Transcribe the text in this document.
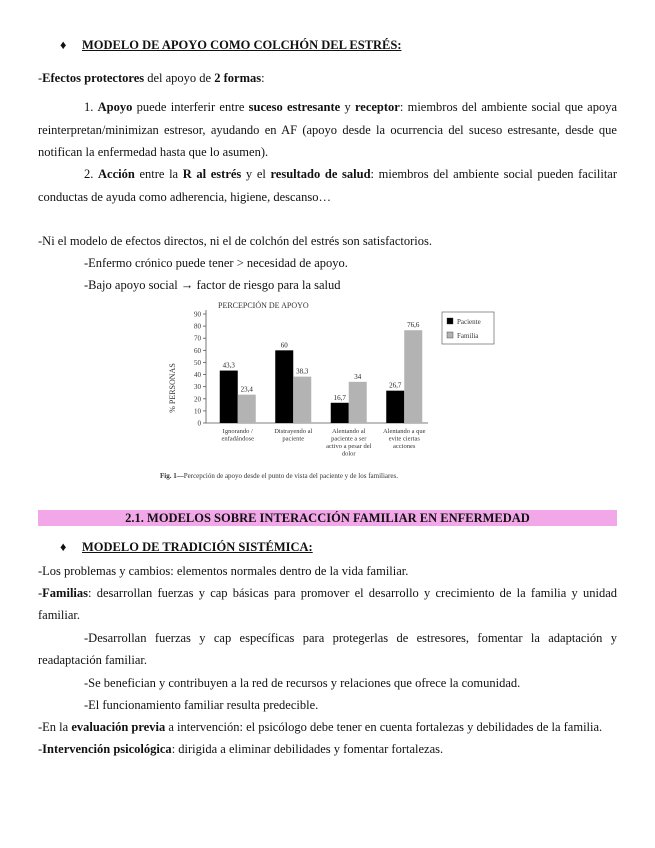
♦ MODELO DE APOYO COMO COLCHÓN DEL ESTRÉS:
-Efectos protectores del apoyo de 2 formas:
1. Apoyo puede interferir entre suceso estresante y receptor: miembros del ambiente social que apoya
reinterpretan/minimizan estresor, ayudando en AF (apoyo desde la ocurrencia del suceso estresante, desde que
notifican la enfermedad hasta que lo asumen).
2. Acción entre la R al estrés y el resultado de salud: miembros del ambiente social pueden facilitar
conductas de ayuda como adherencia, higiene, descanso…
-Ni el modelo de efectos directos, ni el de colchón del estrés son satisfactorios.
-Enfermo crónico puede tener > necesidad de apoyo.
-Bajo apoyo social → factor de riesgo para la salud
PERCEPCIÓN DE APOYO
% PERSONAS
0
10
20
30
40
50
60
70
80
90
43,3
23,4
60
38,3
16,7
34
26,7
76,6
Ignorando /
enfadándose
Distrayendo al
paciente
Alentando al
paciente a ser
activo a pesar del
dolor
Alentando a que
evite ciertas
acciones
Paciente
Familia
Fig. 1—Percepción de apoyo desde el punto de vista del paciente y de los familiares.
2.1. MODELOS SOBRE INTERACCIÓN FAMILIAR EN ENFERMEDAD
♦ MODELO DE TRADICIÓN SISTÉMICA:
-Los problemas y cambios: elementos normales dentro de la vida familiar.
-Familias: desarrollan fuerzas y cap básicas para promover el desarrollo y crecimiento de la familia y unidad
familiar.
-Desarrollan fuerzas y cap específicas para protegerlas de estresores, fomentar la adaptación y
readaptación familiar.
-Se benefician y contribuyen a la red de recursos y relaciones que ofrece la comunidad.
-El funcionamiento familiar resulta predecible.
-En la evaluación previa a intervención: el psicólogo debe tener en cuenta fortalezas y debilidades de la familia.
-Intervención psicológica: dirigida a eliminar debilidades y fomentar fortalezas.
